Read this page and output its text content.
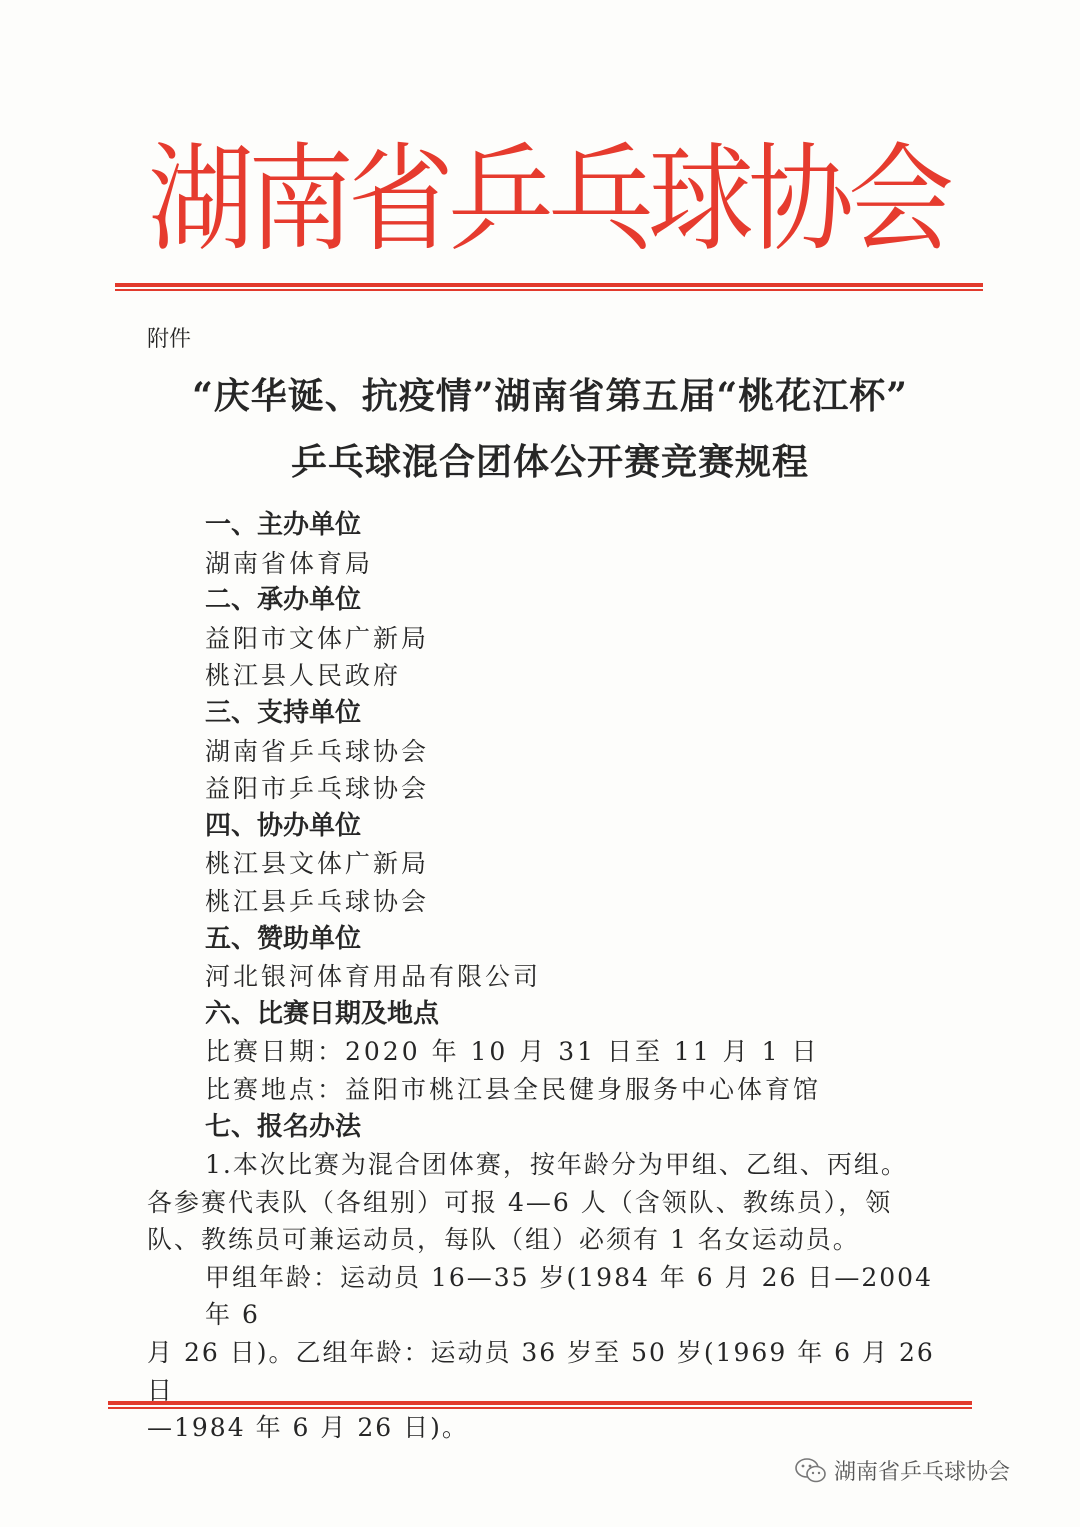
湖
南
省
乒
乓
球
协
会
附件
“庆华诞、抗疫情”湖南省第五届“桃花江杯”
乒乓球混合团体公开赛竞赛规程
一、主办单位
湖南省体育局
二、承办单位
益阳市文体广新局
桃江县人民政府
三、支持单位
湖南省乒乓球协会
益阳市乒乓球协会
四、协办单位
桃江县文体广新局
桃江县乒乓球协会
五、赞助单位
河北银河体育用品有限公司
六、比赛日期及地点
比赛日期：2020 年 10 月 31 日至 11 月 1 日
比赛地点：益阳市桃江县全民健身服务中心体育馆
七、报名办法
1.本次比赛为混合团体赛，按年龄分为甲组、乙组、丙组。
各参赛代表队（各组别）可报 4—6 人（含领队、教练员），领
队、教练员可兼运动员，每队（组）必须有 1 名女运动员。
甲组年龄：运动员 16—35 岁(1984 年 6 月 26 日—2004 年 6
月 26 日)。乙组年龄：运动员 36 岁至 50 岁(1969 年 6 月 26 日
—1984 年 6 月 26 日)。
湖南省乒乓球协会
